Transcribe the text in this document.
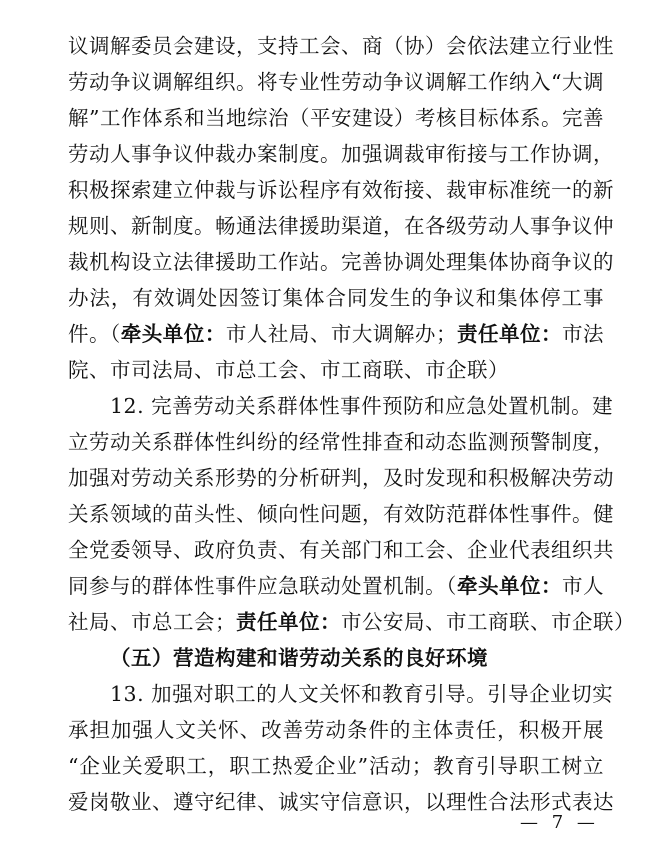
议调解委员会建设，支持工会、商（协）会依法建立行业性
劳动争议调解组织。将专业性劳动争议调解工作纳入“大调
解”工作体系和当地综治（平安建设）考核目标体系。完善
劳动人事争议仲裁办案制度。加强调裁审衔接与工作协调，
积极探索建立仲裁与诉讼程序有效衔接、裁审标准统一的新
规则、新制度。畅通法律援助渠道，在各级劳动人事争议仲
裁机构设立法律援助工作站。完善协调处理集体协商争议的
办法，有效调处因签订集体合同发生的争议和集体停工事
件。（牵头单位：市人社局、市大调解办；责任单位：市法
院、市司法局、市总工会、市工商联、市企联）
12. 完善劳动关系群体性事件预防和应急处置机制。建
立劳动关系群体性纠纷的经常性排查和动态监测预警制度，
加强对劳动关系形势的分析研判，及时发现和积极解决劳动
关系领域的苗头性、倾向性问题，有效防范群体性事件。健
全党委领导、政府负责、有关部门和工会、企业代表组织共
同参与的群体性事件应急联动处置机制。（牵头单位：市人
社局、市总工会；责任单位：市公安局、市工商联、市企联）
（五）营造构建和谐劳动关系的良好环境
13. 加强对职工的人文关怀和教育引导。引导企业切实
承担加强人文关怀、改善劳动条件的主体责任，积极开展
“企业关爱职工，职工热爱企业”活动；教育引导职工树立
爱岗敬业、遵守纪律、诚实守信意识，以理性合法形式表达
— 7 —
